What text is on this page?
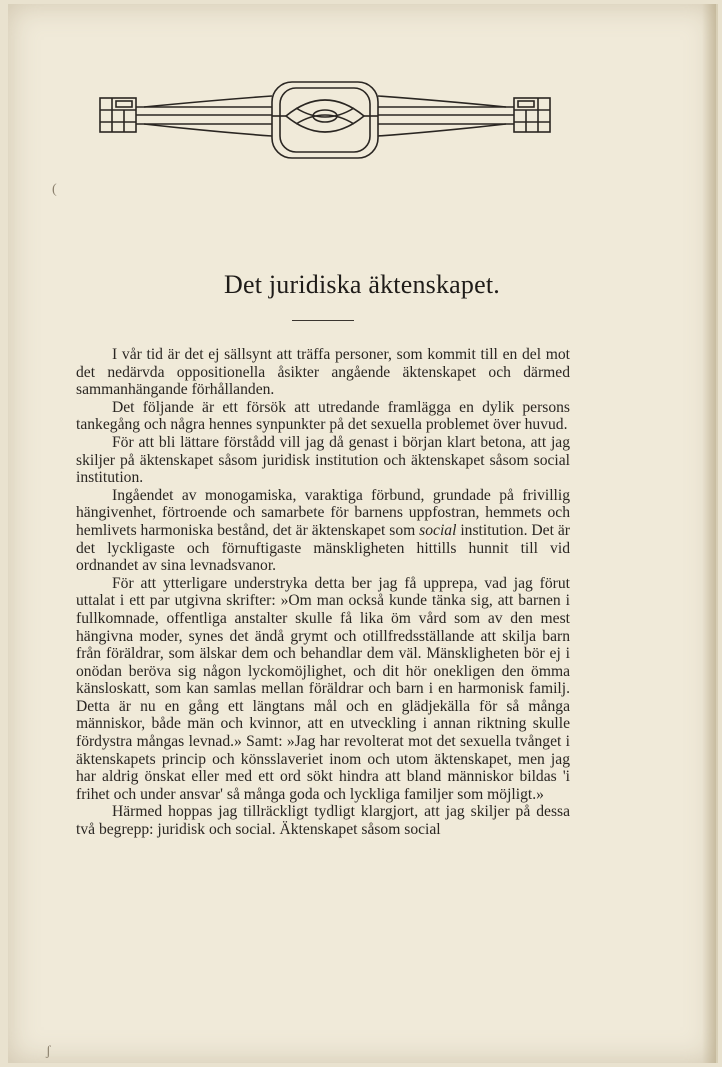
(
Det juridiska äktenskapet.

I vår tid är det ej sällsynt att träffa personer, som kommit till en del mot det nedärvda oppositionella åsikter angående äktenskapet och därmed sammanhängande förhållanden.

Det följande är ett försök att utredande framlägga en dylik persons tankegång och några hennes synpunkter på det sexuella problemet över huvud.

För att bli lättare förstådd vill jag då genast i början klart betona, att jag skiljer på äktenskapet såsom juridisk institution och äktenskapet såsom social institution.

Ingåendet av monogamiska, varaktiga förbund, grundade på frivillig hängivenhet, förtroende och samarbete för barnens uppfostran, hemmets och hemlivets harmoniska bestånd, det är äktenskapet som social institution. Det är det lyckligaste och förnuftigaste mänskligheten hittills hunnit till vid ordnandet av sina levnadsvanor.

För att ytterligare understryka detta ber jag få upprepa, vad jag förut uttalat i ett par utgivna skrifter: »Om man också kunde tänka sig, att barnen i fullkomnade, offentliga anstalter skulle få lika öm vård som av den mest hängivna moder, synes det ändå grymt och otillfredsställande att skilja barn från föräldrar, som älskar dem och behandlar dem väl. Mänskligheten bör ej i onödan beröva sig någon lyckomöjlighet, och dit hör onekligen den ömma känsloskatt, som kan samlas mellan föräldrar och barn i en harmonisk familj. Detta är nu en gång ett längtans mål och en glädjekälla för så många människor, både män och kvinnor, att en utveckling i annan riktning skulle fördystra mångas levnad.» Samt: »Jag har revolterat mot det sexuella tvånget i äktenskapets princip och könsslaveriet inom och utom äktenskapet, men jag har aldrig önskat eller med ett ord sökt hindra att bland människor bildas 'i frihet och under ansvar' så många goda och lyckliga familjer som möjligt.»

Härmed hoppas jag tillräckligt tydligt klargjort, att jag skiljer på dessa två begrepp: juridisk och social. Äktenskapet såsom social

ʃ
